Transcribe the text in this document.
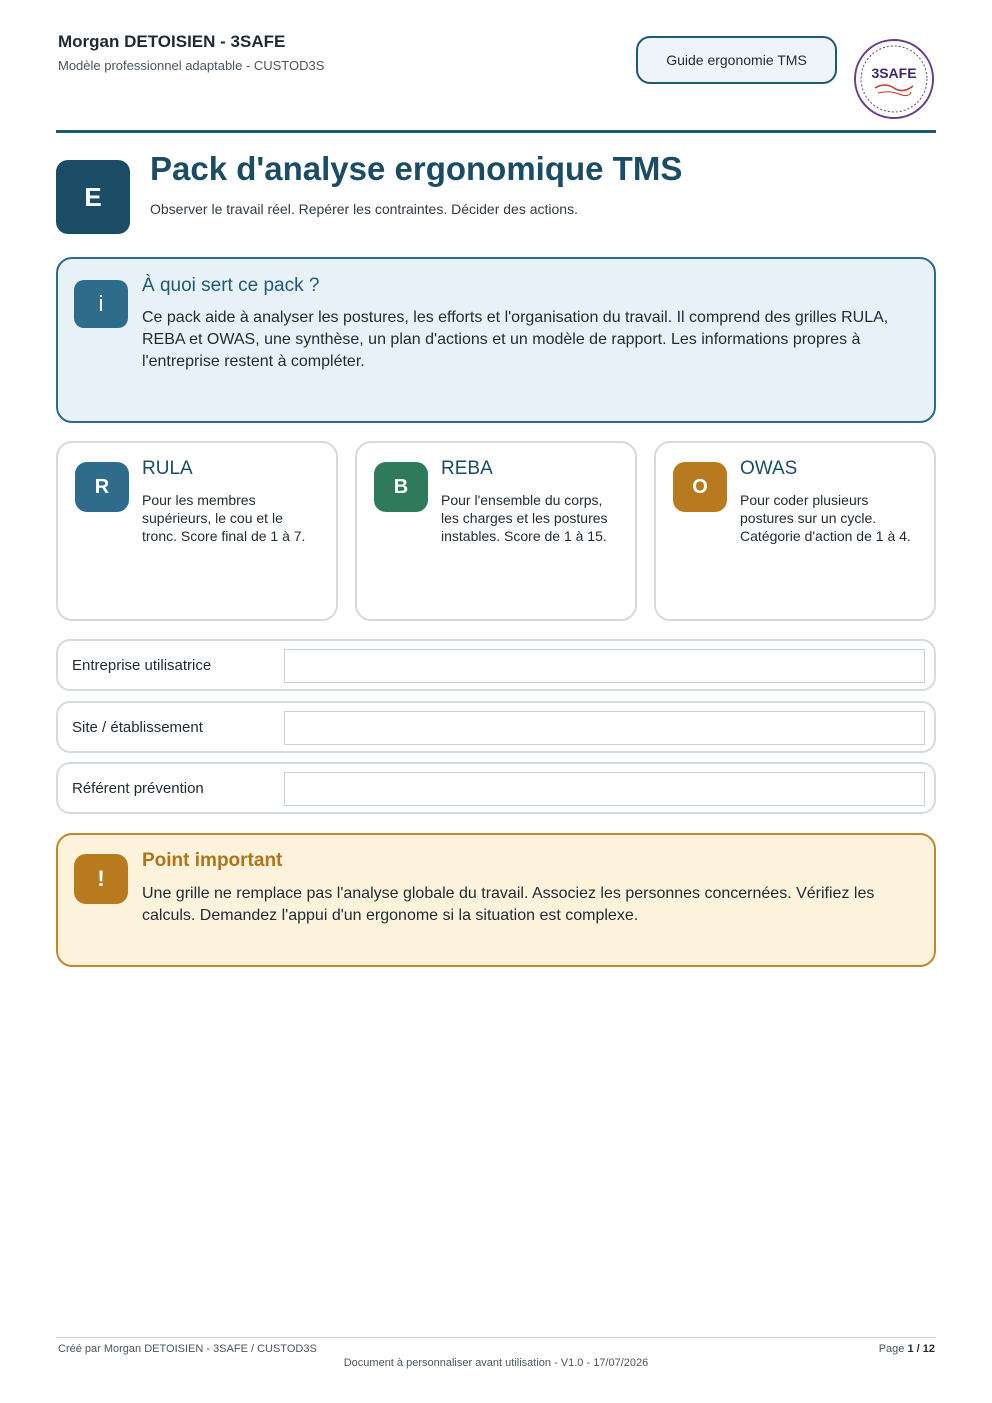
Morgan DETOISIEN - 3SAFE
Modèle professionnel adaptable - CUSTOD3S	Guide ergonomie TMS
3SAFE
E
Pack d'analyse ergonomique TMS
Observer le travail réel. Repérer les contraintes. Décider des actions.
i
À quoi sert ce pack ?
Ce pack aide à analyser les postures, les efforts et l'organisation du travail. Il comprend des grilles RULA, REBA et OWAS, une synthèse, un plan d'actions et un modèle de rapport. Les informations propres à l'entreprise restent à compléter.
R
RULA
Pour les membres supérieurs, le cou et le tronc. Score final de 1 à 7.
B
REBA
Pour l'ensemble du corps, les charges et les postures instables. Score de 1 à 15.
O
OWAS
Pour coder plusieurs postures sur un cycle. Catégorie d'action de 1 à 4.
Entreprise utilisatrice
Site / établissement
Référent prévention
!
Point important
Une grille ne remplace pas l'analyse globale du travail. Associez les personnes concernées. Vérifiez les calculs. Demandez l'appui d'un ergonome si la situation est complexe.
Créé par Morgan DETOISIEN - 3SAFE / CUSTOD3S	Page 1 / 12
Document à personnaliser avant utilisation - V1.0 - 17/07/2026
